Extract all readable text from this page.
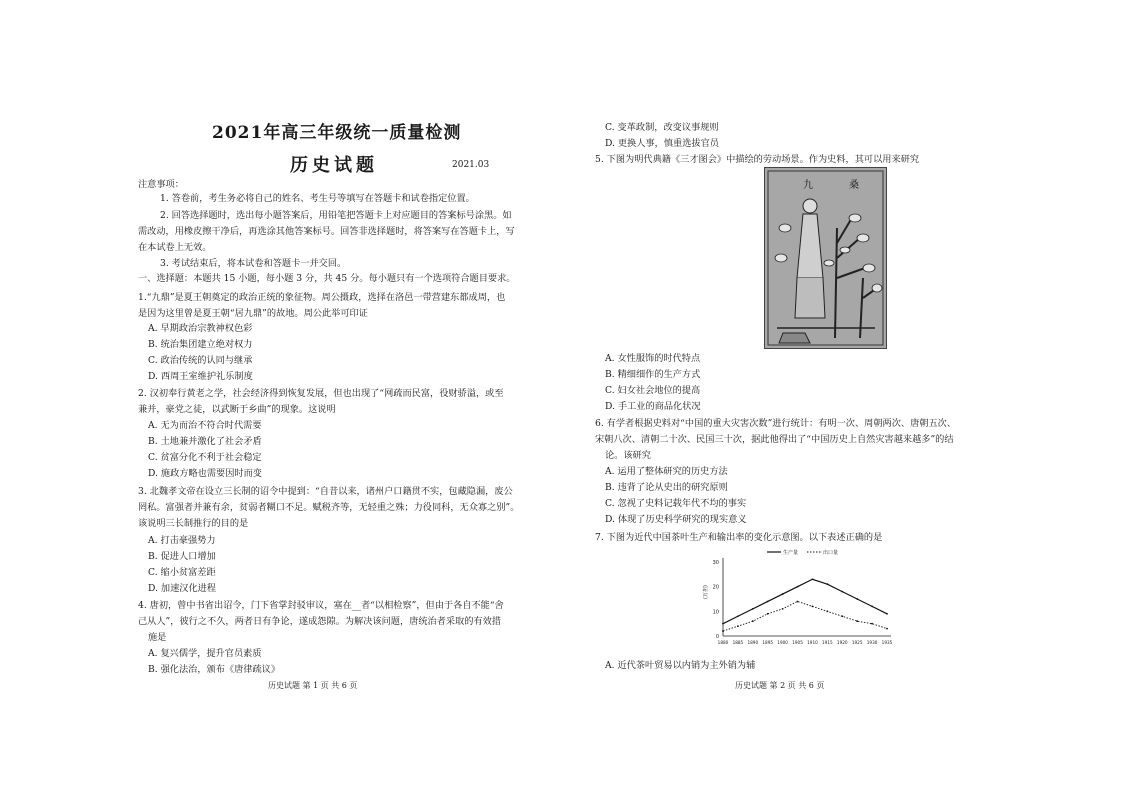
2021年高三年级统一质量检测
历史试题	2021.03
注意事项：
1. 答卷前，考生务必将自己的姓名、考生号等填写在答题卡和试卷指定位置。
2. 回答选择题时，选出每小题答案后，用铅笔把答题卡上对应题目的答案标号涂黑。如
需改动，用橡皮擦干净后，再选涂其他答案标号。回答非选择题时，将答案写在答题卡上，写
在本试卷上无效。
3. 考试结束后，将本试卷和答题卡一并交回。
一、选择题：本题共 15 小题，每小题 3 分，共 45 分。每小题只有一个选项符合题目要求。
1.“九鼎”是夏王朝奠定的政治正统的象征物。周公摄政，选择在洛邑一带营建东都成周，也
是因为这里曾是夏王朝“居九鼎”的故地。周公此举可印证
A. 早期政治宗教神权色彩
B. 统治集团建立绝对权力
C. 政治传统的认同与继承
D. 西周王室维护礼乐制度
2. 汉初奉行黄老之学，社会经济得到恢复发展，但也出现了“网疏而民富，役财骄溢，或至
兼并，豪党之徒，以武断于乡曲”的现象。这说明
A. 无为而治不符合时代需要
B. 土地兼并激化了社会矛盾
C. 贫富分化不利于社会稳定
D. 施政方略也需要因时而变
3. 北魏孝文帝在设立三长制的诏令中提到：“自昔以来，诸州户口籍贯不实，包藏隐漏，废公
罔私。富强者并兼有余，贫弱者糊口不足。赋税齐等，无轻重之殊；力役同科，无众寡之别”。
该说明三长制推行的目的是
A. 打击豪强势力
B. 促进人口增加
C. 缩小贫富差距
D. 加速汉化进程
4. 唐初，曾中书省出诏令，门下省掌封驳审议，塞在__者“以相检察”，但由于各自不能“舍
己从人”，彼行之不久，两者日有争论，遂成怨隙。为解决该问题，唐统治者采取的有效措
施是
A. 复兴儒学，提升官员素质
B. 强化法治，颁布《唐律疏议》
历史试题 第 1 页 共 6 页
C. 变革政制，改变议事规则
D. 更换人事，慎重选拔官员
5. 下图为明代典籍《三才图会》中描绘的劳动场景。作为史料，其可以用来研究
九	桑
A. 女性服饰的时代特点
B. 精细细作的生产方式
C. 妇女社会地位的提高
D. 手工业的商品化状况
6. 有学者根据史料对“中国的重大灾害次数”进行统计：有明一次、周朝两次、唐朝五次、
宋朝八次、清朝二十次、民国三十次，据此他得出了“中国历史上自然灾害越来越多”的结
论。该研究
A. 运用了整体研究的历史方法
B. 违背了论从史出的研究原则
C. 忽视了史料记载年代不均的事实
D. 体现了历史科学研究的现实意义
7. 下图为近代中国茶叶生产和输出率的变化示意图。以下表述正确的是
0
10
20
30
(万担)
1880 1885 1890 1895 1900 1905 1910 1915 1920 1925 1930 1935
生产量	出口量
A. 近代茶叶贸易以内销为主外销为辅
历史试题 第 2 页 共 6 页
